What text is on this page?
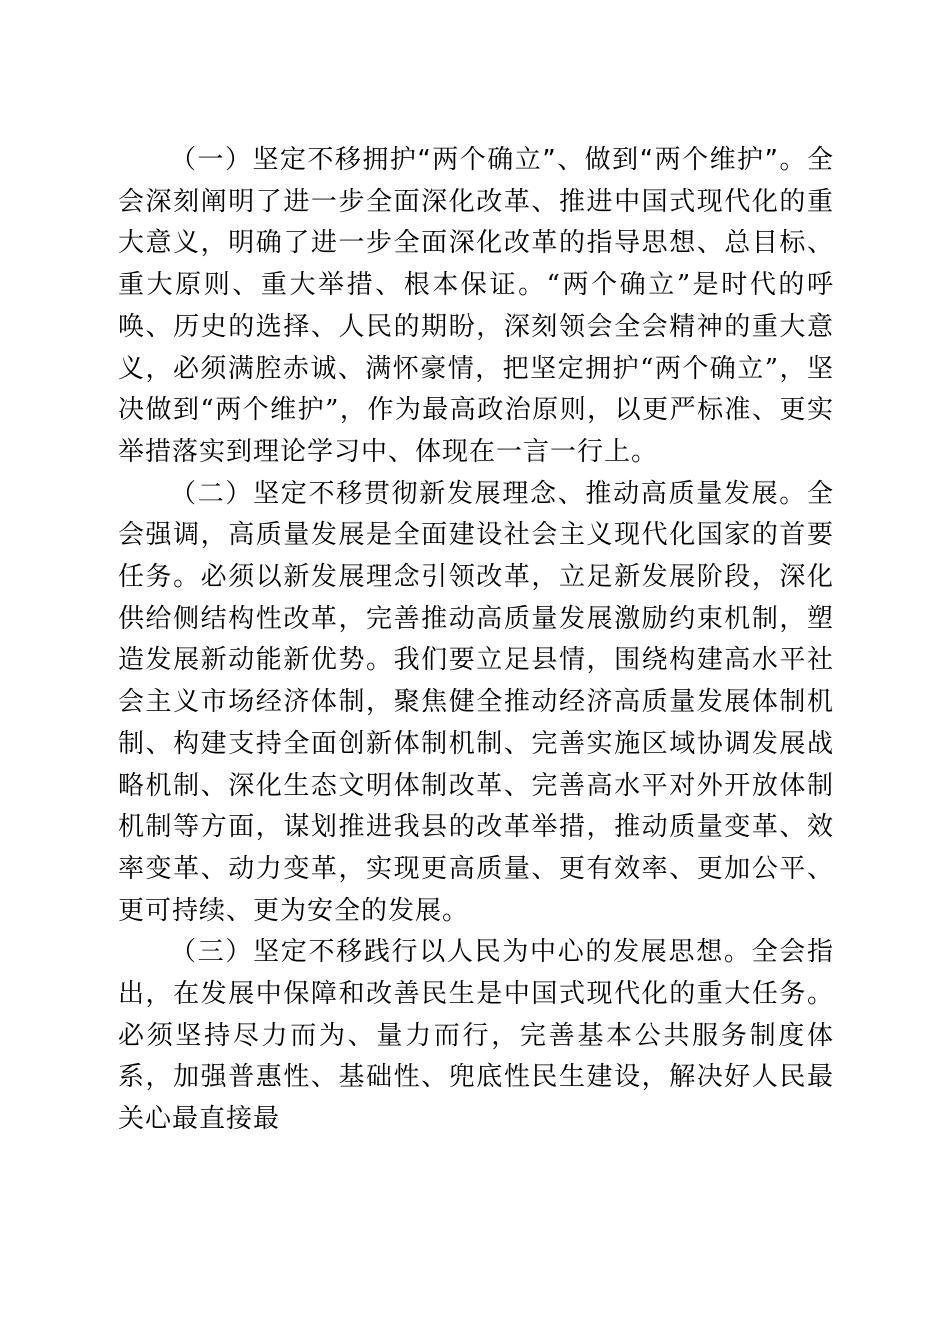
（一）坚定不移拥护“两个确立”、做到“两个维护”。全会深刻阐明了进一步全面深化改革、推进中国式现代化的重大意义，明确了进一步全面深化改革的指导思想、总目标、重大原则、重大举措、根本保证。“两个确立”是时代的呼唤、历史的选择、人民的期盼，深刻领会全会精神的重大意义，必须满腔赤诚、满怀豪情，把坚定拥护“两个确立”，坚决做到“两个维护”，作为最高政治原则，以更严标准、更实举措落实到理论学习中、体现在一言一行上。

（二）坚定不移贯彻新发展理念、推动高质量发展。全会强调，高质量发展是全面建设社会主义现代化国家的首要任务。必须以新发展理念引领改革，立足新发展阶段，深化供给侧结构性改革，完善推动高质量发展激励约束机制，塑造发展新动能新优势。我们要立足县情，围绕构建高水平社会主义市场经济体制，聚焦健全推动经济高质量发展体制机制、构建支持全面创新体制机制、完善实施区域协调发展战略机制、深化生态文明体制改革、完善高水平对外开放体制机制等方面，谋划推进我县的改革举措，推动质量变革、效率变革、动力变革，实现更高质量、更有效率、更加公平、更可持续、更为安全的发展。

（三）坚定不移践行以人民为中心的发展思想。全会指出，在发展中保障和改善民生是中国式现代化的重大任务。必须坚持尽力而为、量力而行，完善基本公共服务制度体系，加强普惠性、基础性、兜底性民生建设，解决好人民最关心最直接最
